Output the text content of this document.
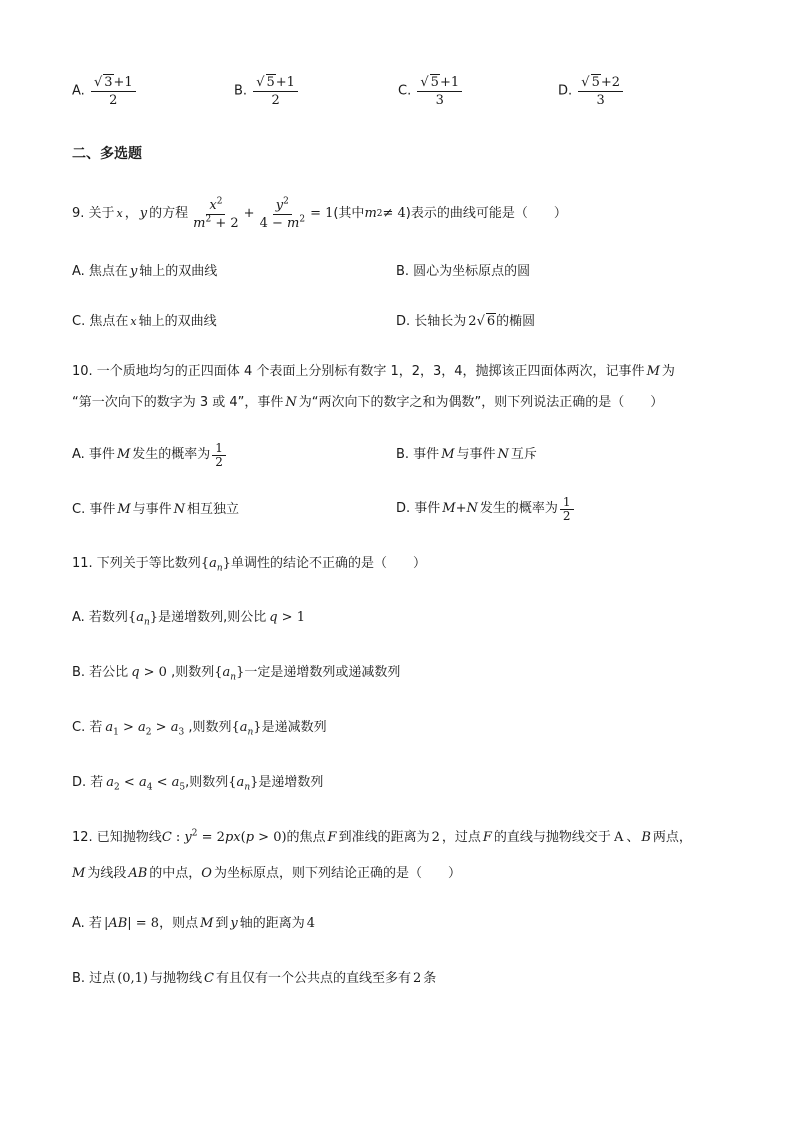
A. $\frac{√ 3+1}{2}$	B. $\frac{√ 5+1}{2}$	C. $\frac{√ 5+1}{3}$	D. $\frac{√ 5+2}{3}$
二、多选题
9. 关于 x ， y 的方程 $\frac{x^2}{m^2 + 2} + \frac{y^2}{4 - m^2} = 1$ (其中 m 2 ≠ 4 )表示的曲线可能是（　　）
A. 焦点在 y 轴上的双曲线	B. 圆心为坐标原点的圆
C. 焦点在 x 轴上的双曲线	D. 长轴长为 2√ 6的椭圆
10. 一个质地均匀的正四面体 4 个表面上分别标有数字 1，2，3，4，抛掷该正四面体两次，记事件 M 为
“第一次向下的数字为 3 或 4”，事件 N 为“两次向下的数字之和为偶数”，则下列说法正确的是（　　）
A. 事件 M 发生的概率为 $\frac{1}{2}$	B. 事件 M 与事件 N 互斥
C. 事件 M 与事件 N 相互独立	D. 事件 M + N 发生的概率为 $\frac{1}{2}$
11. 下列关于等比数列$\{a_n\}$单调性的结论不正确的是（　　）
A. 若数列$\{a_n\}$是递增数列,则公比 q > 1
B. 若公比 q > 0 ,则数列$\{a_n\}$一定是递增数列或递减数列
C. 若 $a_1 > a_2 > a_3$ ,则数列$\{a_n\}$是递减数列
D. 若 $a_2 < a_4 < a_5$,则数列$\{a_n\}$是递增数列
12. 已知抛物线C : $y^2 = 2px(p > 0)$的焦点 F 到准线的距离为 2 ，过点 F 的直线与抛物线交于 A 、 B 两点，
M 为线段 AB 的中点，O 为坐标原点，则下列结论正确的是（　　）
A. 若 |AB| = 8，则点 M 到 y 轴的距离为 4
B. 过点 (0,1) 与抛物线 C 有且仅有一个公共点的直线至多有 2 条
